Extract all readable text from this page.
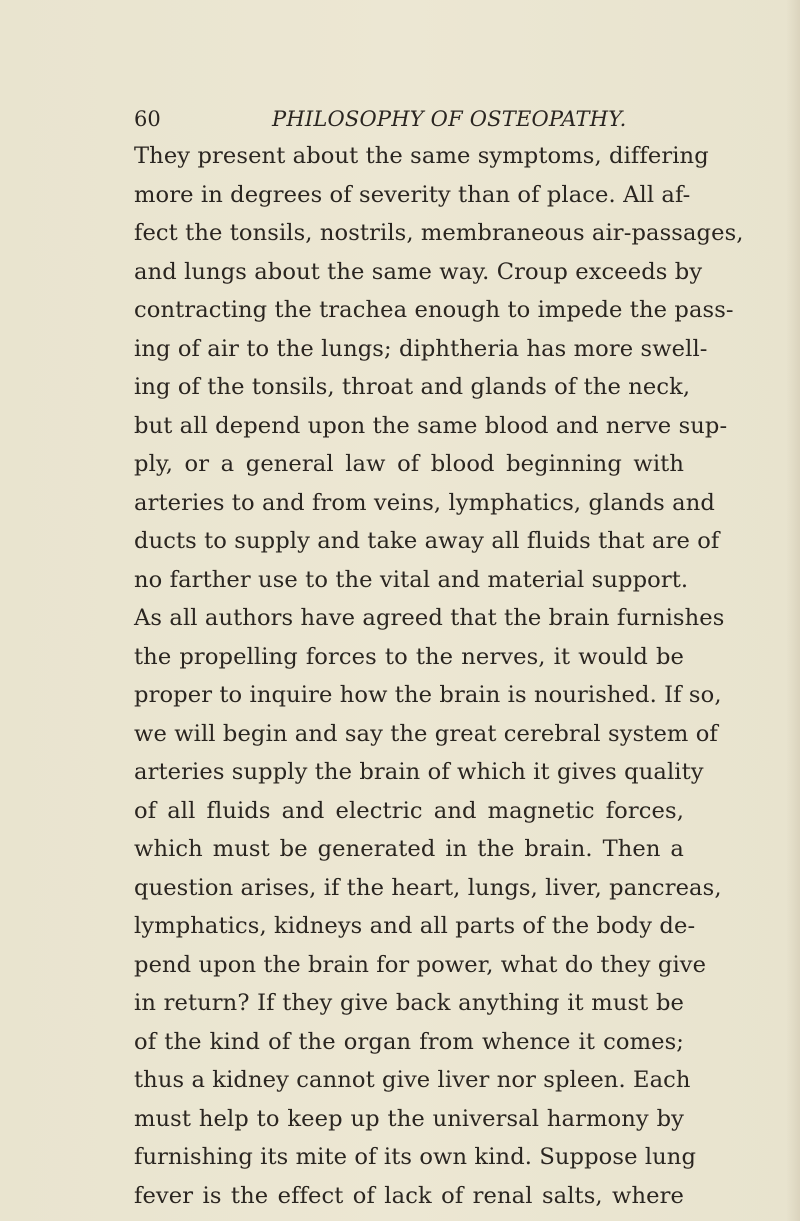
60	PHILOSOPHY OF OSTEOPATHY.
They present about the same symptoms, differing
more in degrees of severity than of place. All af-
fect the tonsils, nostrils, membraneous air-passages,
and lungs about the same way. Croup exceeds by
contracting the trachea enough to impede the pass-
ing of air to the lungs; diphtheria has more swell-
ing of the tonsils, throat and glands of the neck,
but all depend upon the same blood and nerve sup-
ply, or a general law of blood beginning with
arteries to and from veins, lymphatics, glands and
ducts to supply and take away all fluids that are of
no farther use to the vital and material support.
As all authors have agreed that the brain furnishes
the propelling forces to the nerves, it would be
proper to inquire how the brain is nourished. If so,
we will begin and say the great cerebral system of
arteries supply the brain of which it gives quality
of all fluids and electric and magnetic forces,
which must be generated in the brain. Then a
question arises, if the heart, lungs, liver, pancreas,
lymphatics, kidneys and all parts of the body de-
pend upon the brain for power, what do they give
in return? If they give back anything it must be
of the kind of the organ from whence it comes;
thus a kidney cannot give liver nor spleen. Each
must help to keep up the universal harmony by
furnishing its mite of its own kind. Suppose lung
fever is the effect of lack of renal salts, where
